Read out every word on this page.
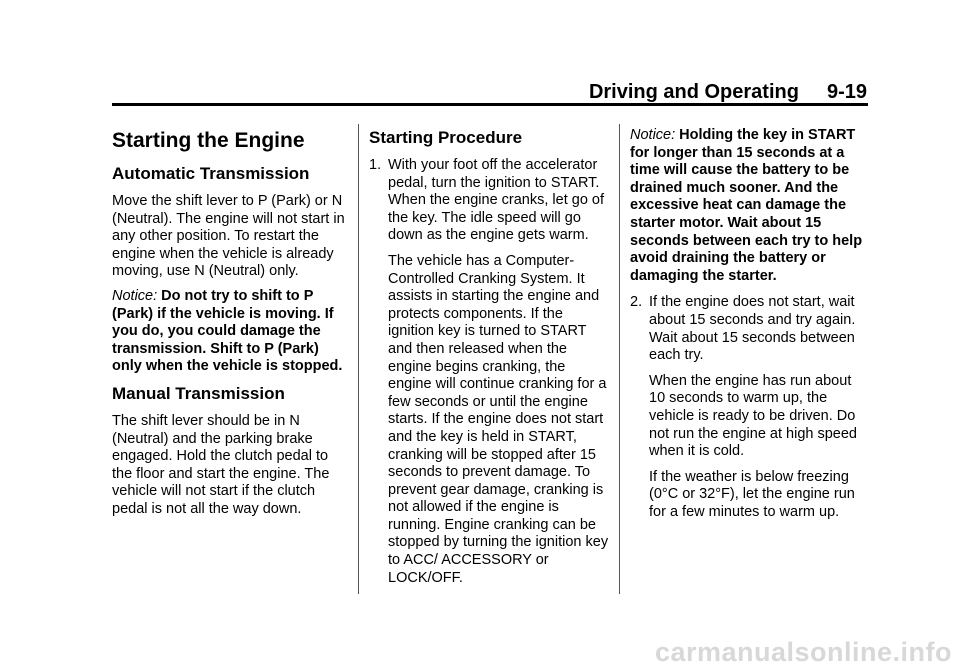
Driving and Operating 9-19
Starting the Engine
Automatic Transmission

Move the shift lever to P (Park) or N (Neutral). The engine will not start in any other position. To restart the engine when the vehicle is already moving, use N (Neutral) only.

Notice: Do not try to shift to P (Park) if the vehicle is moving. If you do, you could damage the transmission. Shift to P (Park) only when the vehicle is stopped.

Manual Transmission

The shift lever should be in N (Neutral) and the parking brake engaged. Hold the clutch pedal to the floor and start the engine. The vehicle will not start if the clutch pedal is not all the way down.

Starting Procedure
1. With your foot off the accelerator pedal, turn the ignition to START. When the engine cranks, let go of the key. The idle speed will go down as the engine gets warm.

The vehicle has a Computer-Controlled Cranking System. It assists in starting the engine and protects components. If the ignition key is turned to START and then released when the engine begins cranking, the engine will continue cranking for a few seconds or until the engine starts. If the engine does not start and the key is held in START, cranking will be stopped after 15 seconds to prevent damage. To prevent gear damage, cranking is not allowed if the engine is running. Engine cranking can be stopped by turning the ignition key to ACC/ ACCESSORY or LOCK/OFF.

Notice: Holding the key in START for longer than 15 seconds at a time will cause the battery to be drained much sooner. And the excessive heat can damage the starter motor. Wait about 15 seconds between each try to help avoid draining the battery or damaging the starter.

2. If the engine does not start, wait about 15 seconds and try again. Wait about 15 seconds between each try.

When the engine has run about 10 seconds to warm up, the vehicle is ready to be driven. Do not run the engine at high speed when it is cold.

If the weather is below freezing (0°C or 32°F), let the engine run for a few minutes to warm up.

carmanualsonline.info
